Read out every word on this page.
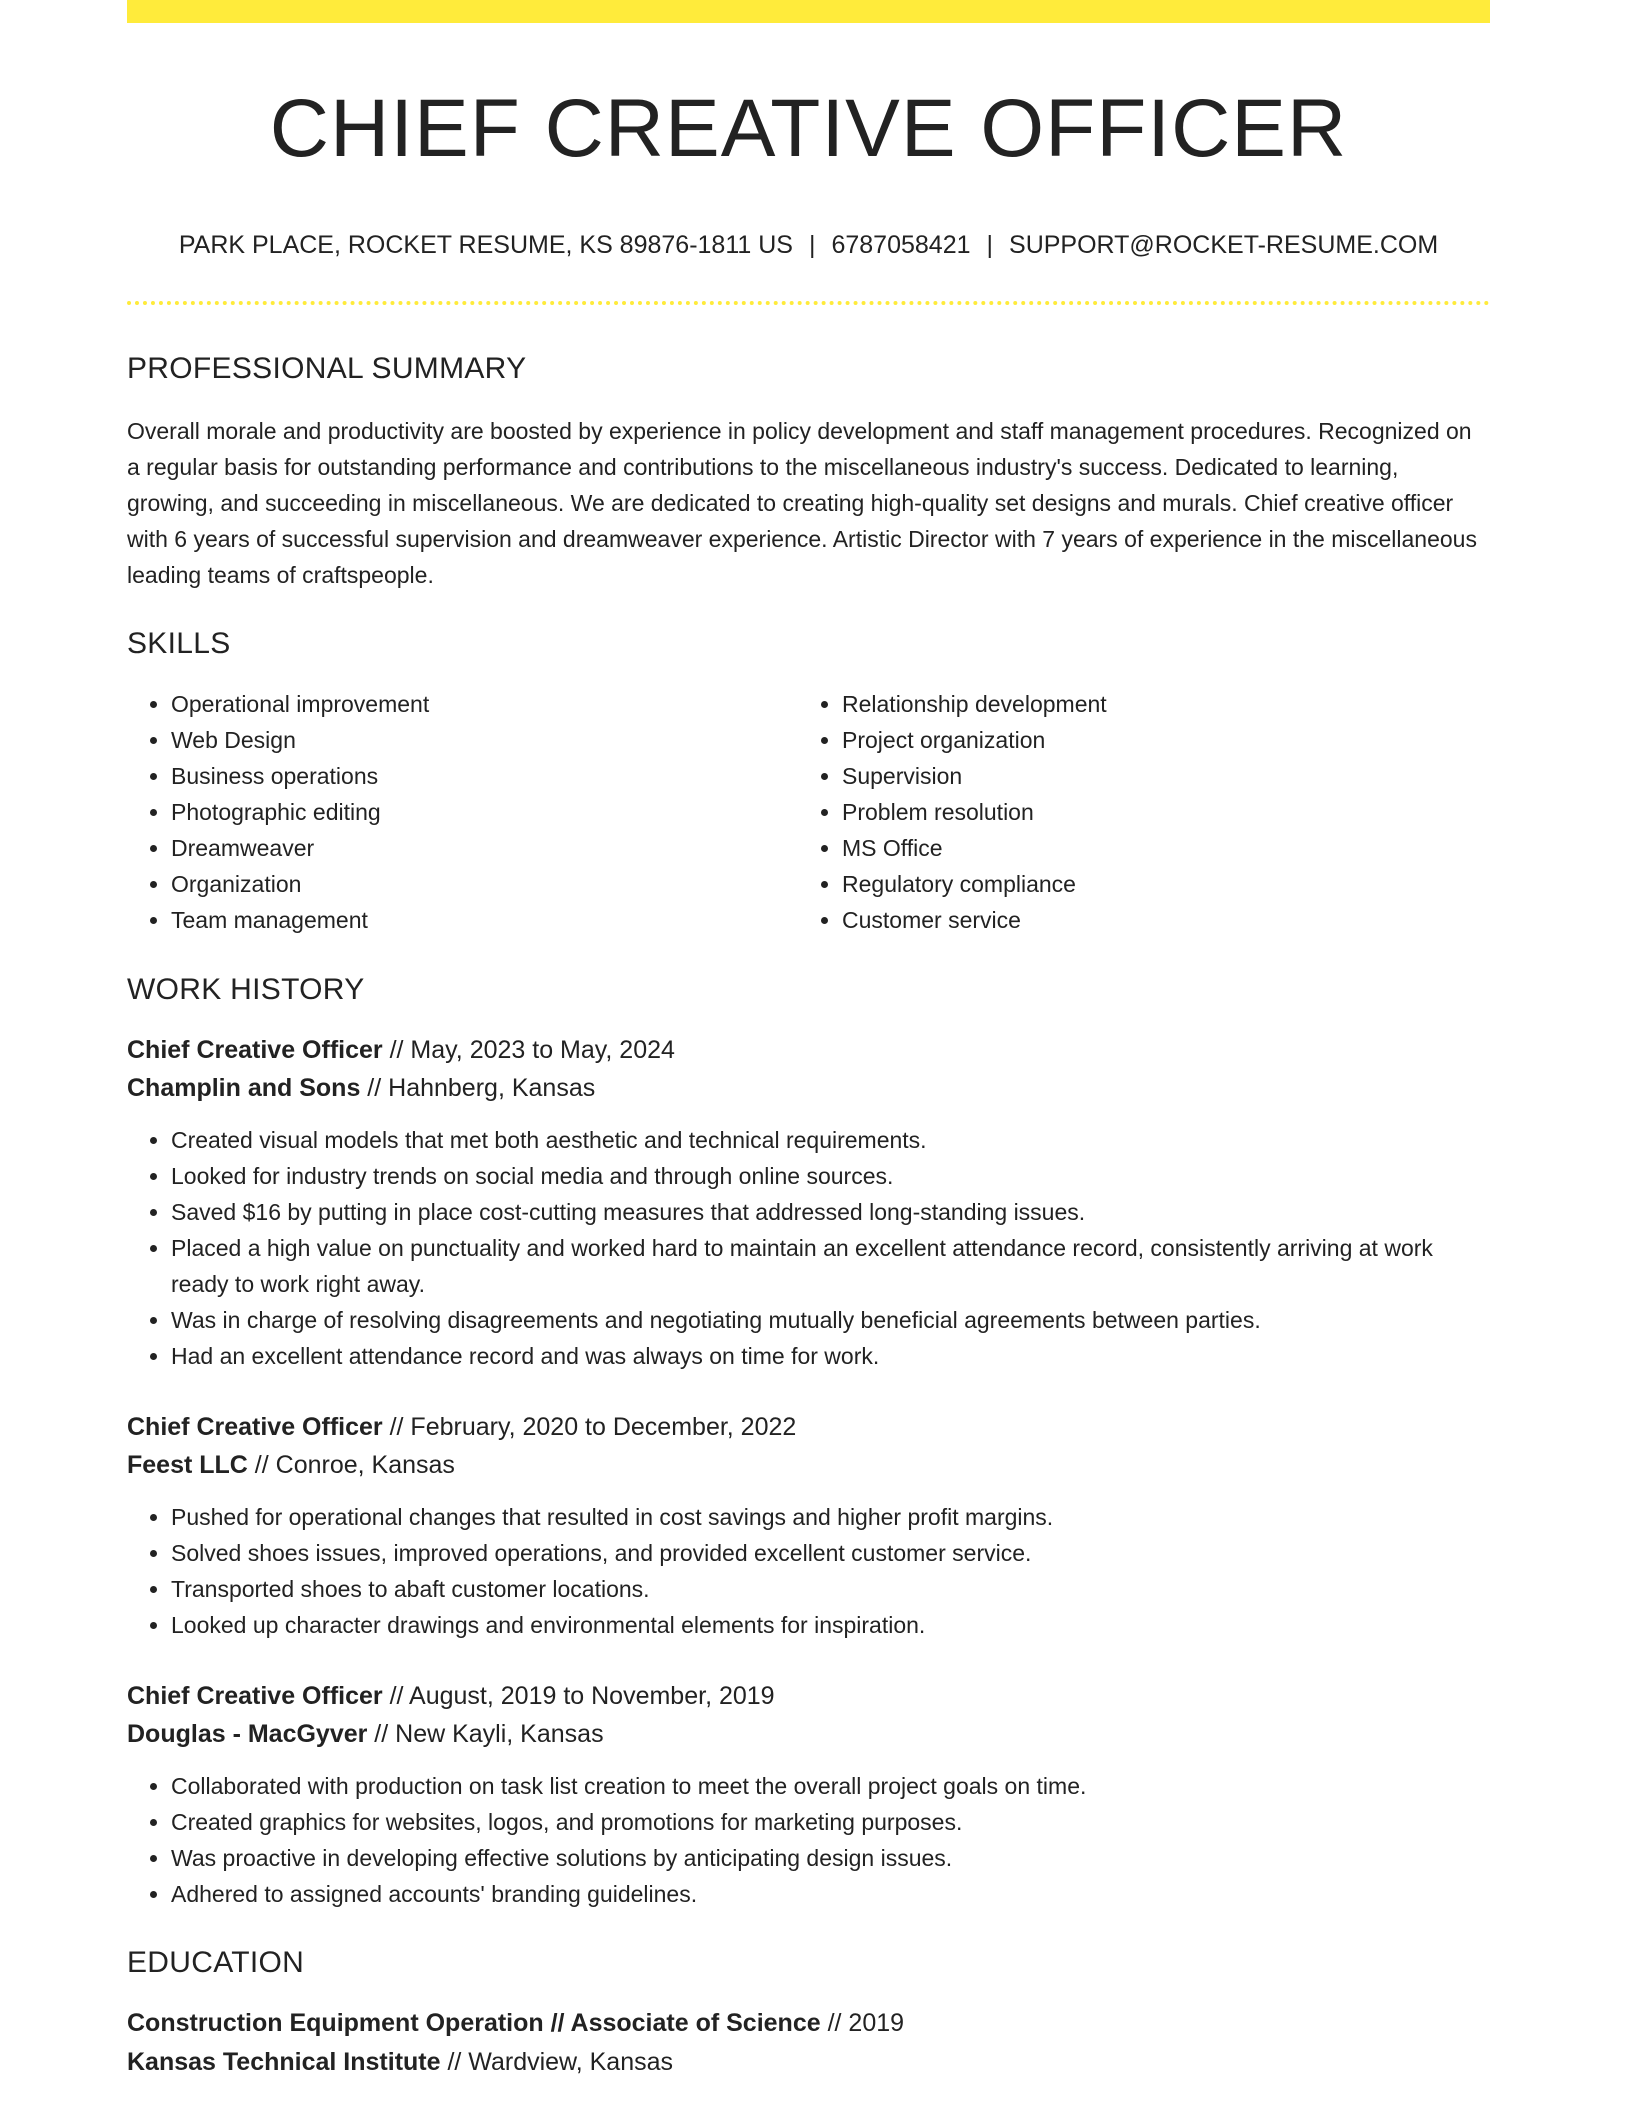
CHIEF CREATIVE OFFICER
PARK PLACE, ROCKET RESUME, KS 89876-1811 US | 6787058421 | SUPPORT@ROCKET-RESUME.COM
PROFESSIONAL SUMMARY

Overall morale and productivity are boosted by experience in policy development and staff management procedures. Recognized on a regular basis for outstanding performance and contributions to the miscellaneous industry's success. Dedicated to learning, growing, and succeeding in miscellaneous. We are dedicated to creating high-quality set designs and murals. Chief creative officer with 6 years of successful supervision and dreamweaver experience. Artistic Director with 7 years of experience in the miscellaneous leading teams of craftspeople.

SKILLS
• Operational improvement
• Web Design
• Business operations
• Photographic editing
• Dreamweaver
• Organization
• Team management
• Relationship development
• Project organization
• Supervision
• Problem resolution
• MS Office
• Regulatory compliance
• Customer service
WORK HISTORY
Chief Creative Officer // May, 2023 to May, 2024
Champlin and Sons // Hahnberg, Kansas
• Created visual models that met both aesthetic and technical requirements.
• Looked for industry trends on social media and through online sources.
• Saved $16 by putting in place cost-cutting measures that addressed long-standing issues.
• Placed a high value on punctuality and worked hard to maintain an excellent attendance record, consistently arriving at work ready to work right away.
• Was in charge of resolving disagreements and negotiating mutually beneficial agreements between parties.
• Had an excellent attendance record and was always on time for work.
Chief Creative Officer // February, 2020 to December, 2022
Feest LLC // Conroe, Kansas
• Pushed for operational changes that resulted in cost savings and higher profit margins.
• Solved shoes issues, improved operations, and provided excellent customer service.
• Transported shoes to abaft customer locations.
• Looked up character drawings and environmental elements for inspiration.
Chief Creative Officer // August, 2019 to November, 2019
Douglas - MacGyver // New Kayli, Kansas
• Collaborated with production on task list creation to meet the overall project goals on time.
• Created graphics for websites, logos, and promotions for marketing purposes.
• Was proactive in developing effective solutions by anticipating design issues.
• Adhered to assigned accounts' branding guidelines.
EDUCATION
Construction Equipment Operation // Associate of Science // 2019
Kansas Technical Institute // Wardview, Kansas
